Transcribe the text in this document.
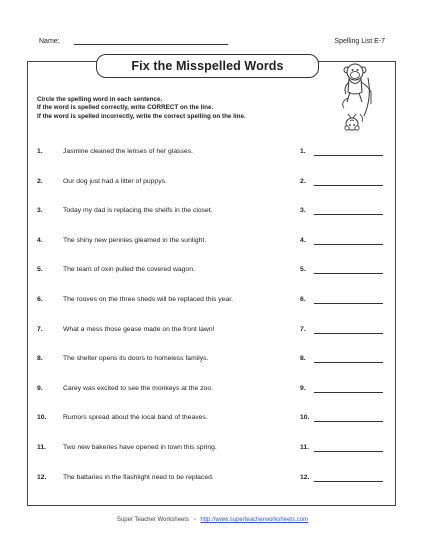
Name:	Spelling List E-7
Fix the Misspelled Words
Circle the spelling word in each sentence.
If the word is spelled correctly, write CORRECT on the line.
If the word is spelled incorrectly, write the correct spelling on the line.
1.	Jasmine cleaned the lenses of her glasses.	1.
2.	Our dog just had a litter of puppys.	2.
3.	Today my dad is replacing the shelfs in the closet.	3.
4.	The shiny new pennies gleamed in the sunlight.	4.
5.	The team of oxin pulled the covered wagon.	5.
6.	The rooves on the three sheds will be replaced this year.	6.
7.	What a mess those gease made on the front lawn!	7.
8.	The shelter opens its doors to homeless familys.	8.
9.	Carey was excited to see the monkeys at the zoo.	9.
10. Rumors spread about the local band of theaves.	10.
11. Two new bakeries have opened in town this spring.	11.
12. The battaries in the flashlight need to be replaced.	12.
Super Teacher Worksheets - http://www.superteacherworksheets.com
